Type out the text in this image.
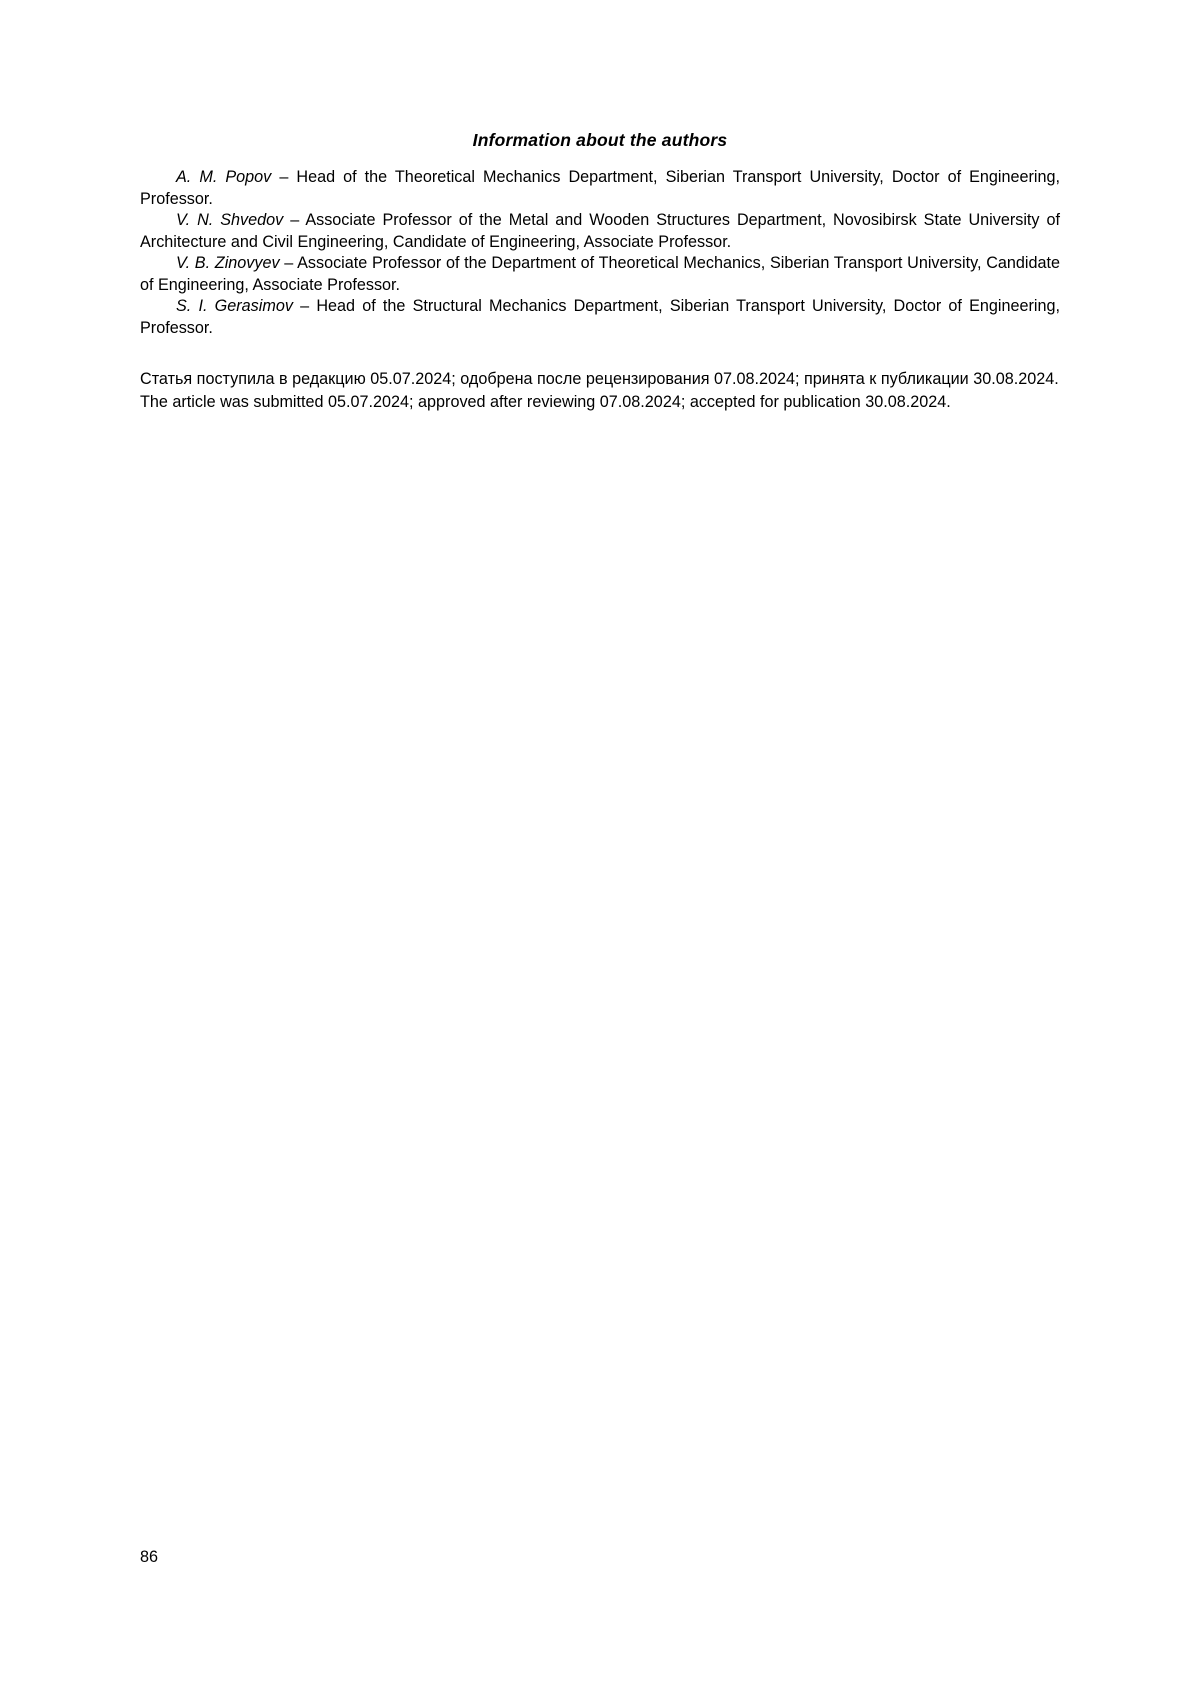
Information about the authors

A. M. Popov – Head of the Theoretical Mechanics Department, Siberian Transport University, Doctor of Engineering, Professor.

V. N. Shvedov – Associate Professor of the Metal and Wooden Structures Department, Novosibirsk State University of Architecture and Civil Engineering, Candidate of Engineering, Associate Professor.

V. B. Zinovyev – Associate Professor of the Department of Theoretical Mechanics, Siberian Transport University, Candidate of Engineering, Associate Professor.

S. I. Gerasimov – Head of the Structural Mechanics Department, Siberian Transport University, Doctor of Engineering, Professor.

Статья поступила в редакцию 05.07.2024; одобрена после рецензирования 07.08.2024; принята к публикации 30.08.2024.

The article was submitted 05.07.2024; approved after reviewing 07.08.2024; accepted for publication 30.08.2024.

86
